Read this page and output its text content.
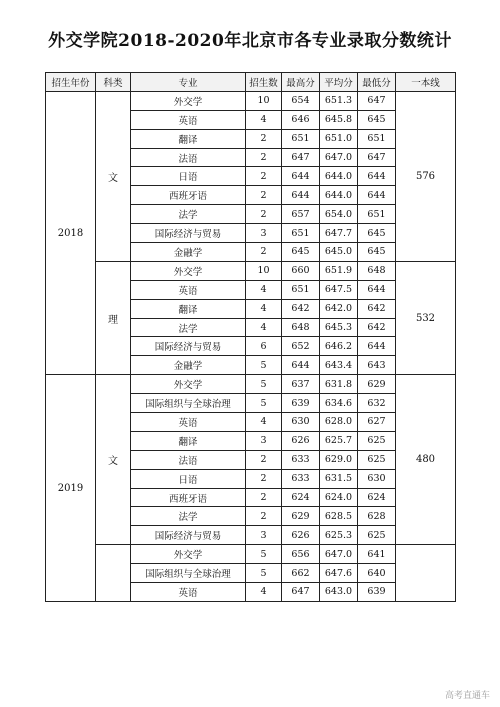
外交学院2018-2020年北京市各专业录取分数统计
招生年份	科类	专业	招生数	最高分	平均分	最低分	一本线
2018	文	外交学	10	654	651.3	647	576
		英语	4	646	645.8	645	
		翻译	2	651	651.0	651	
		法语	2	647	647.0	647	
		日语	2	644	644.0	644	
		西班牙语	2	644	644.0	644	
		法学	2	657	654.0	651	
		国际经济与贸易	3	651	647.7	645	
		金融学	2	645	645.0	645	
	理	外交学	10	660	651.9	648	532
		英语	4	651	647.5	644	
		翻译	4	642	642.0	642	
		法学	4	648	645.3	642	
		国际经济与贸易	6	652	646.2	644	
		金融学	5	644	643.4	643	
2019	文	外交学	5	637	631.8	629	480
		国际组织与全球治理	5	639	634.6	632	
		英语	4	630	628.0	627	
		翻译	3	626	625.7	625	
		法语	2	633	629.0	625	
		日语	2	633	631.5	630	
		西班牙语	2	624	624.0	624	
		法学	2	629	628.5	628	
		国际经济与贸易	3	626	625.3	625	
		外交学	5	656	647.0	641	
		国际组织与全球治理	5	662	647.6	640	
		英语	4	647	643.0	639	
高考直通车
